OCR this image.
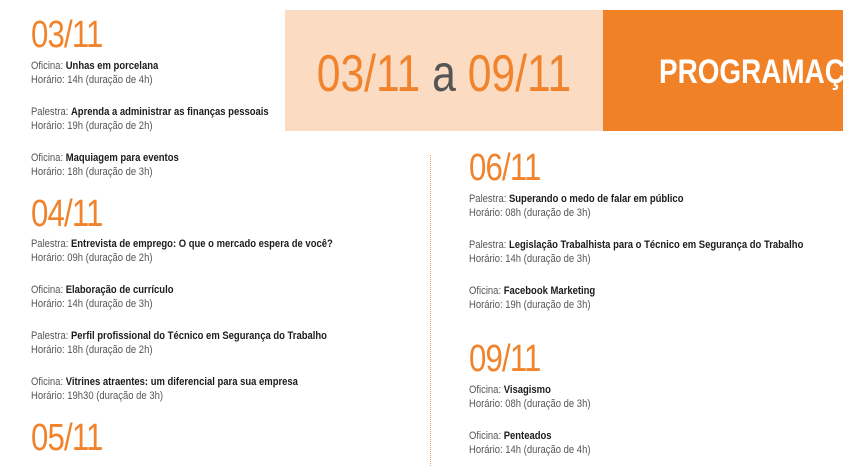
03/11 a 09/11	PROGRAMAÇÃ
03/11
Oficina: Unhas em porcelana
Horário: 14h (duração de 4h)
Palestra: Aprenda a administrar as finanças pessoais
Horário: 19h (duração de 2h)
Oficina: Maquiagem para eventos
Horário: 18h (duração de 3h)
04/11
Palestra: Entrevista de emprego: O que o mercado espera de você?
Horário: 09h (duração de 2h)
Oficina: Elaboração de currículo
Horário: 14h (duração de 3h)
Palestra: Perfil profissional do Técnico em Segurança do Trabalho
Horário: 18h (duração de 2h)
Oficina: Vitrines atraentes: um diferencial para sua empresa
Horário: 19h30 (duração de 3h)
05/11
06/11
Palestra: Superando o medo de falar em público
Horário: 08h (duração de 3h)
Palestra: Legislação Trabalhista para o Técnico em Segurança do Trabalho
Horário: 14h (duração de 3h)
Oficina: Facebook Marketing
Horário: 19h (duração de 3h)
09/11
Oficina: Visagismo
Horário: 08h (duração de 3h)
Oficina: Penteados
Horário: 14h (duração de 4h)
